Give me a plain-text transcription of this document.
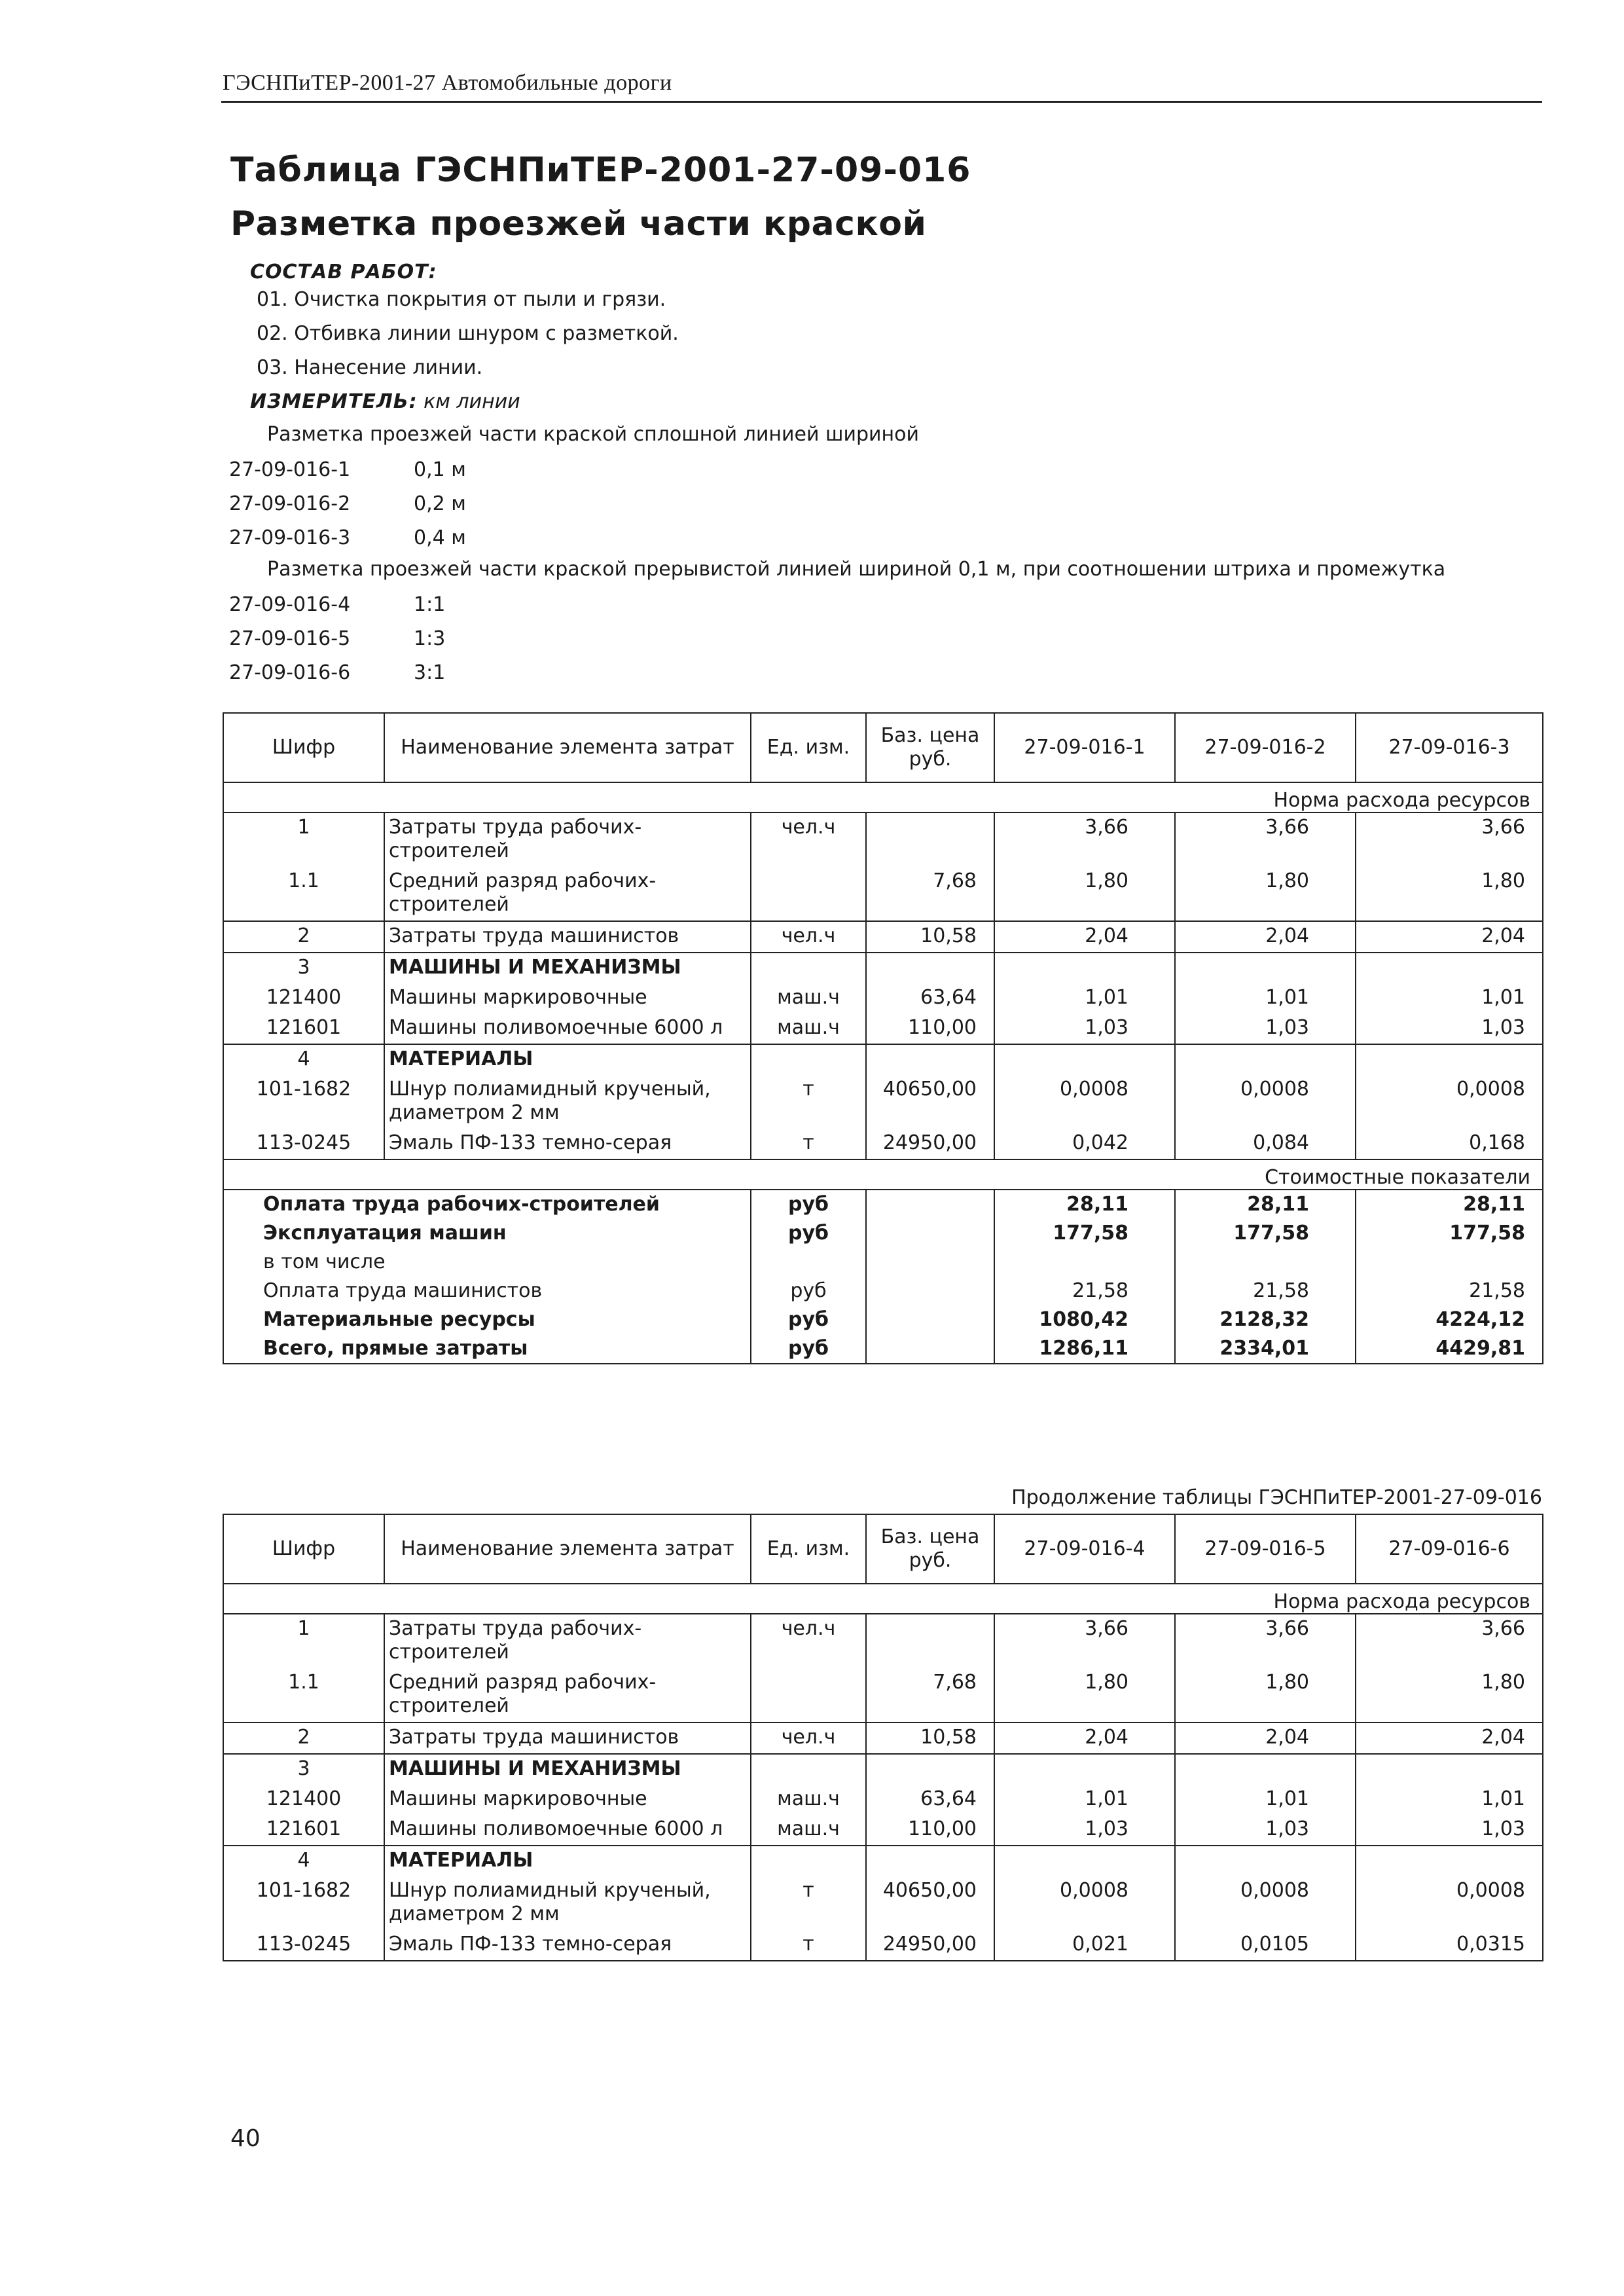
ГЭСНПиТЕР-2001-27 Автомобильные дороги
Таблица ГЭСНПиТЕР-2001-27-09-016
Разметка проезжей части краской
СОСТАВ РАБОТ:
01. Очистка покрытия от пыли и грязи.
02. Отбивка линии шнуром с разметкой.
03. Нанесение линии.
ИЗМЕРИТЕЛЬ: км линии
Разметка проезжей части краской сплошной линией шириной
27-09-016-1	0,1 м
27-09-016-2	0,2 м
27-09-016-3	0,4 м
Разметка проезжей части краской прерывистой линией шириной 0,1 м, при соотношении штриха и промежутка
27-09-016-4	1:1
27-09-016-5	1:3
27-09-016-6	3:1
Шифр	Наименование элемента затрат	Ед. изм.	Баз. цена руб.	27-09-016-1	27-09-016-2	27-09-016-3
Норма расхода ресурсов						
1	Затраты труда рабочих-строителей	чел.ч		3,66	3,66	3,66
1.1	Средний разряд рабочих-строителей		7,68	1,80	1,80	1,80
2	Затраты труда машинистов	чел.ч	10,58	2,04	2,04	2,04
3	МАШИНЫ И МЕХАНИЗМЫ					
121400	Машины маркировочные	маш.ч	63,64	1,01	1,01	1,01
121601	Машины поливомоечные 6000 л	маш.ч	110,00	1,03	1,03	1,03
4	МАТЕРИАЛЫ					
101-1682	Шнур полиамидный крученый, диаметром 2 мм	т	40650,00	0,0008	0,0008	0,0008
113-0245	Эмаль ПФ-133 темно-серая	т	24950,00	0,042	0,084	0,168
Стоимостные показатели						
Оплата труда рабочих-строителей		руб		28,11	28,11	28,11
Эксплуатация машин		руб		177,58	177,58	177,58
в том числе						
Оплата труда машинистов		руб		21,58	21,58	21,58
Материальные ресурсы		руб		1080,42	2128,32	4224,12
Всего, прямые затраты		руб		1286,11	2334,01	4429,81
Продолжение таблицы ГЭСНПиТЕР-2001-27-09-016
Шифр	Наименование элемента затрат	Ед. изм.	Баз. цена руб.	27-09-016-4	27-09-016-5	27-09-016-6
Норма расхода ресурсов						
1	Затраты труда рабочих-строителей	чел.ч		3,66	3,66	3,66
1.1	Средний разряд рабочих-строителей		7,68	1,80	1,80	1,80
2	Затраты труда машинистов	чел.ч	10,58	2,04	2,04	2,04
3	МАШИНЫ И МЕХАНИЗМЫ					
121400	Машины маркировочные	маш.ч	63,64	1,01	1,01	1,01
121601	Машины поливомоечные 6000 л	маш.ч	110,00	1,03	1,03	1,03
4	МАТЕРИАЛЫ					
101-1682	Шнур полиамидный крученый, диаметром 2 мм	т	40650,00	0,0008	0,0008	0,0008
113-0245	Эмаль ПФ-133 темно-серая	т	24950,00	0,021	0,0105	0,0315
40
